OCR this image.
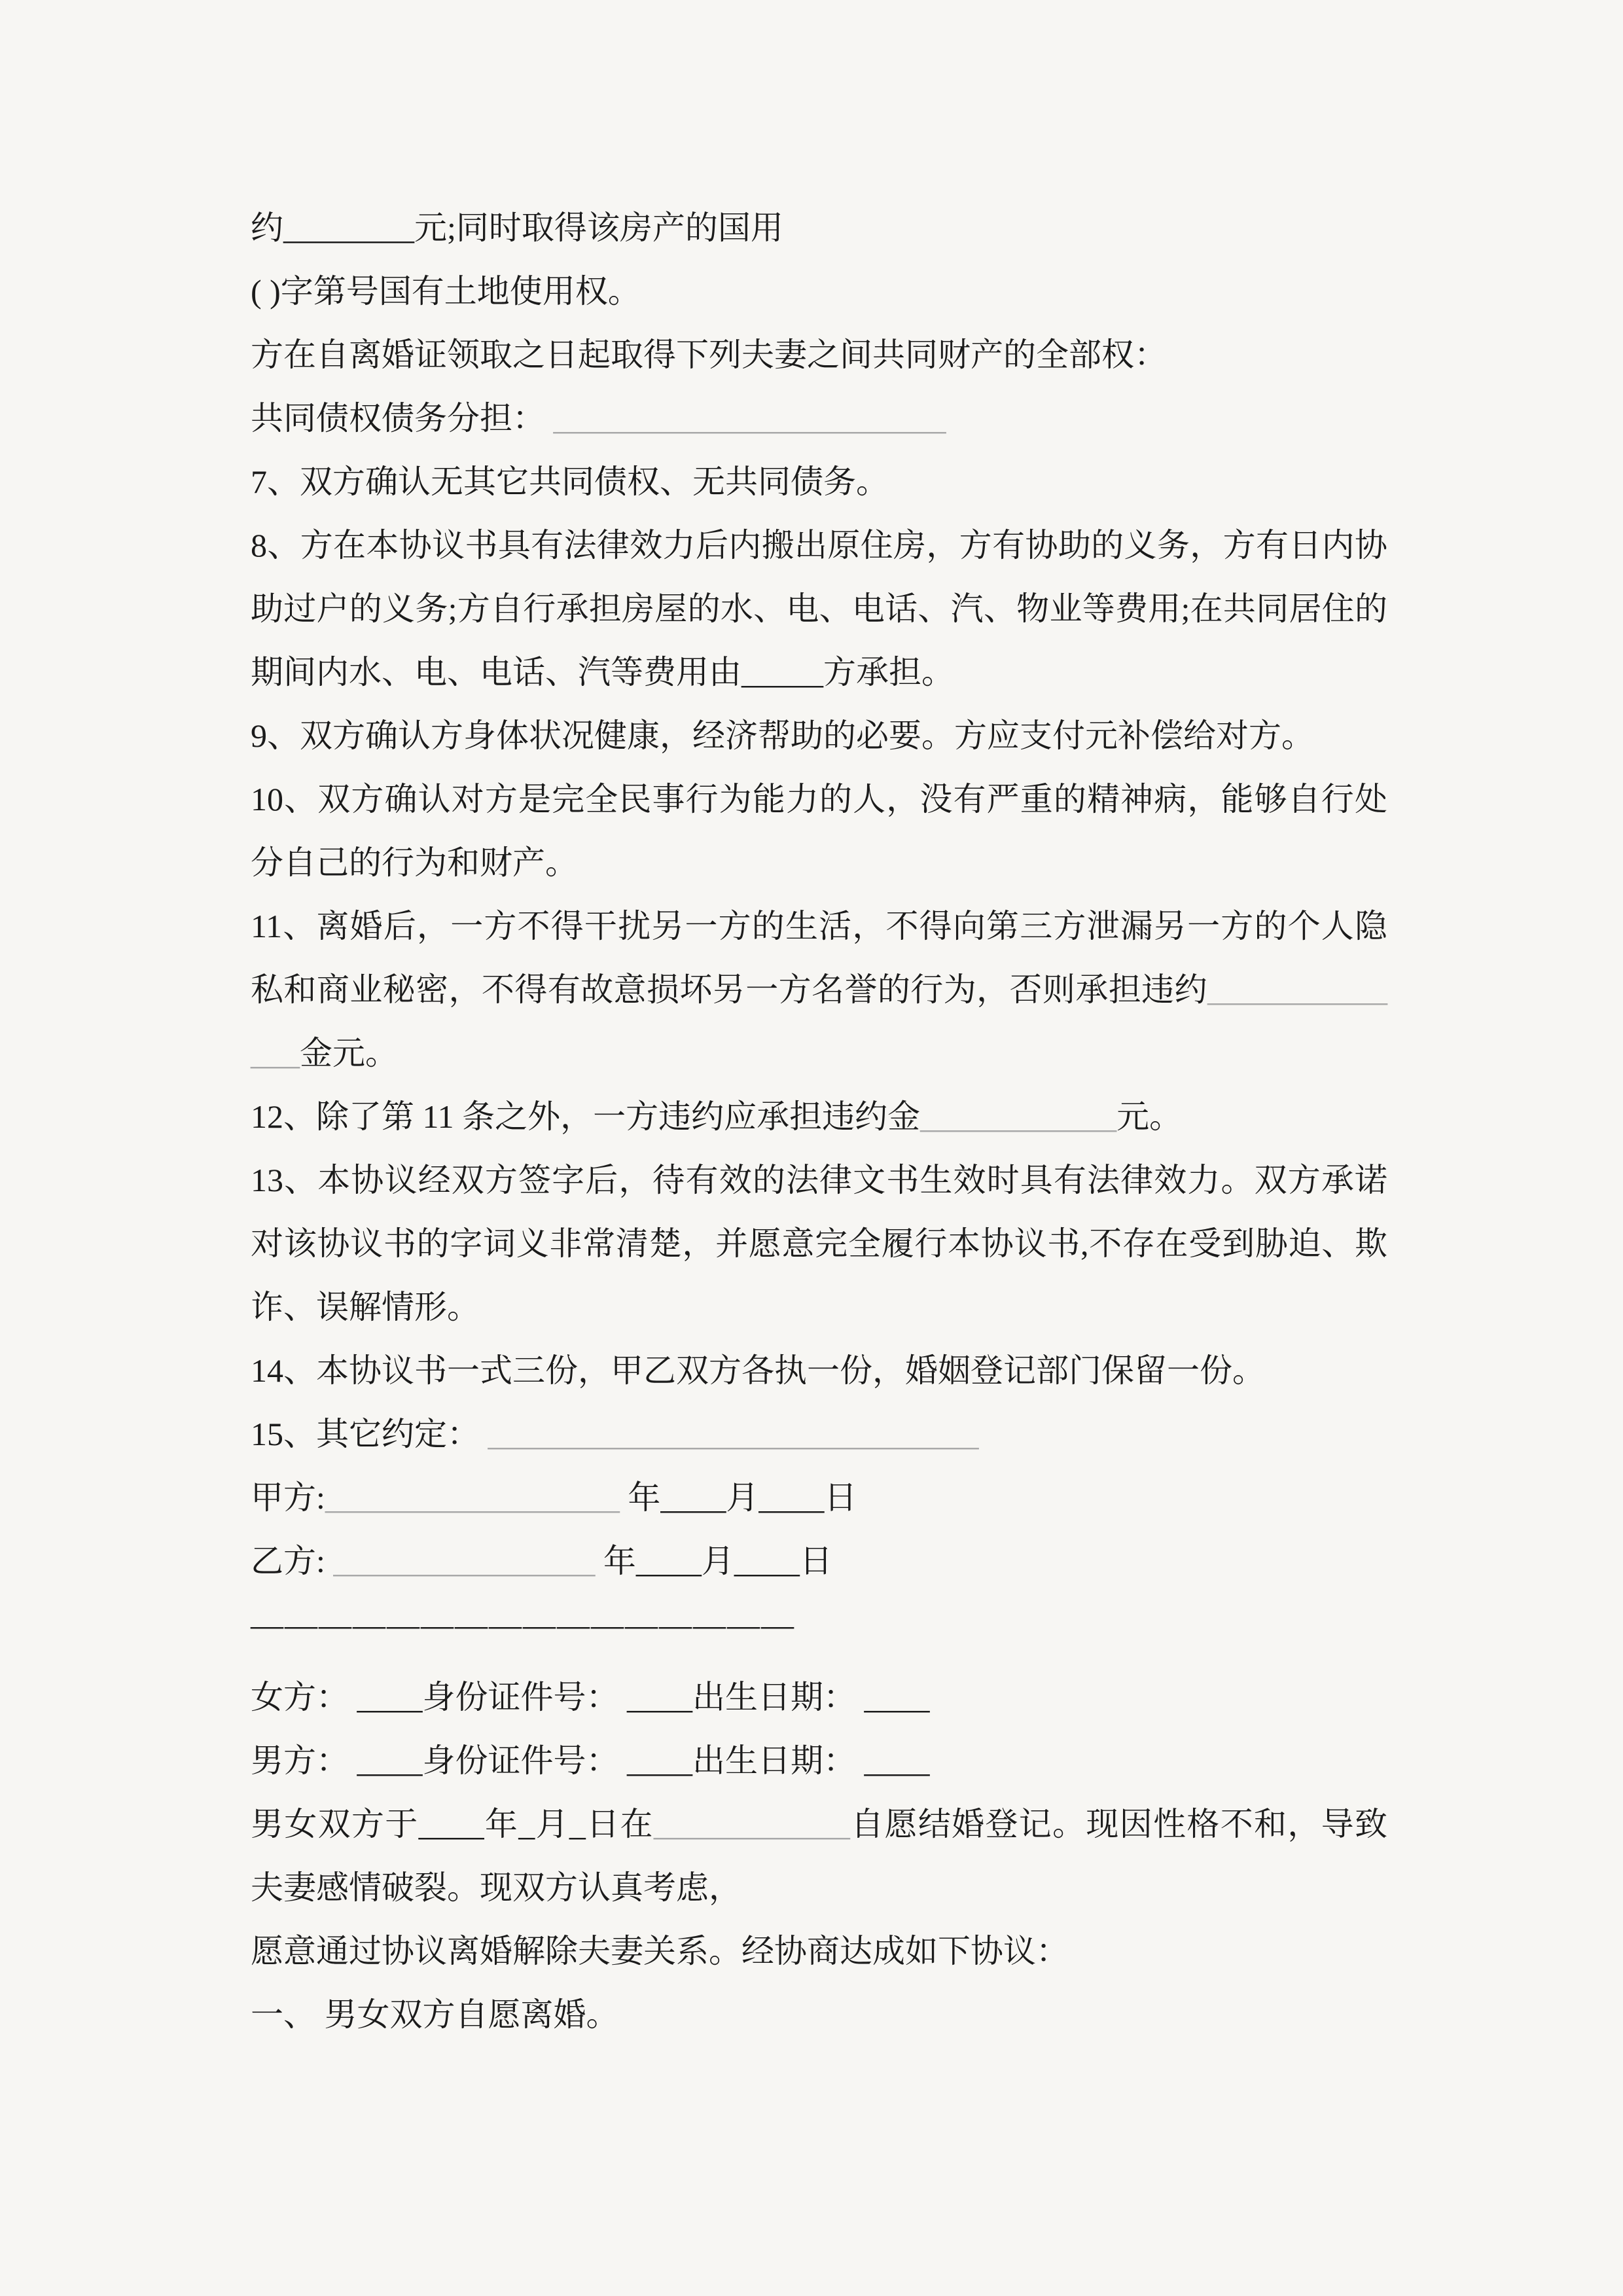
约________元;同时取得该房产的国用

( )字第号国有土地使用权。

方在自离婚证领取之日起取得下列夫妻之间共同财产的全部权：

共同债权债务分担： ________________________

7、双方确认无其它共同债权、无共同债务。

8、方在本协议书具有法律效力后内搬出原住房，方有协助的义务，方有日内协助过户的义务;方自行承担房屋的水、电、电话、汽、物业等费用;在共同居住的期间内水、电、电话、汽等费用由_____方承担。

9、双方确认方身体状况健康，经济帮助的必要。方应支付元补偿给对方。

10、双方确认对方是完全民事行为能力的人，没有严重的精神病，能够自行处分自己的行为和财产。

11、离婚后，一方不得干扰另一方的生活，不得向第三方泄漏另一方的个人隐私和商业秘密，不得有故意损坏另一方名誉的行为，否则承担违约______________金元。

12、除了第 11 条之外，一方违约应承担违约金____________元。

13、本协议经双方签字后，待有效的法律文书生效时具有法律效力。双方承诺对该协议书的字词义非常清楚，并愿意完全履行本协议书,不存在受到胁迫、欺诈、误解情形。

14、本协议书一式三份，甲乙双方各执一份，婚姻登记部门保留一份。

15、其它约定： ______________________________

甲方:__________________ 年____月____日

乙方: ________________ 年____月____日

————————————————

女方： ____身份证件号： ____出生日期： ____

男方： ____身份证件号： ____出生日期： ____

男女双方于____年_月_日在____________自愿结婚登记。现因性格不和，导致夫妻感情破裂。现双方认真考虑，

愿意通过协议离婚解除夫妻关系。经协商达成如下协议：

一、 男女双方自愿离婚。
